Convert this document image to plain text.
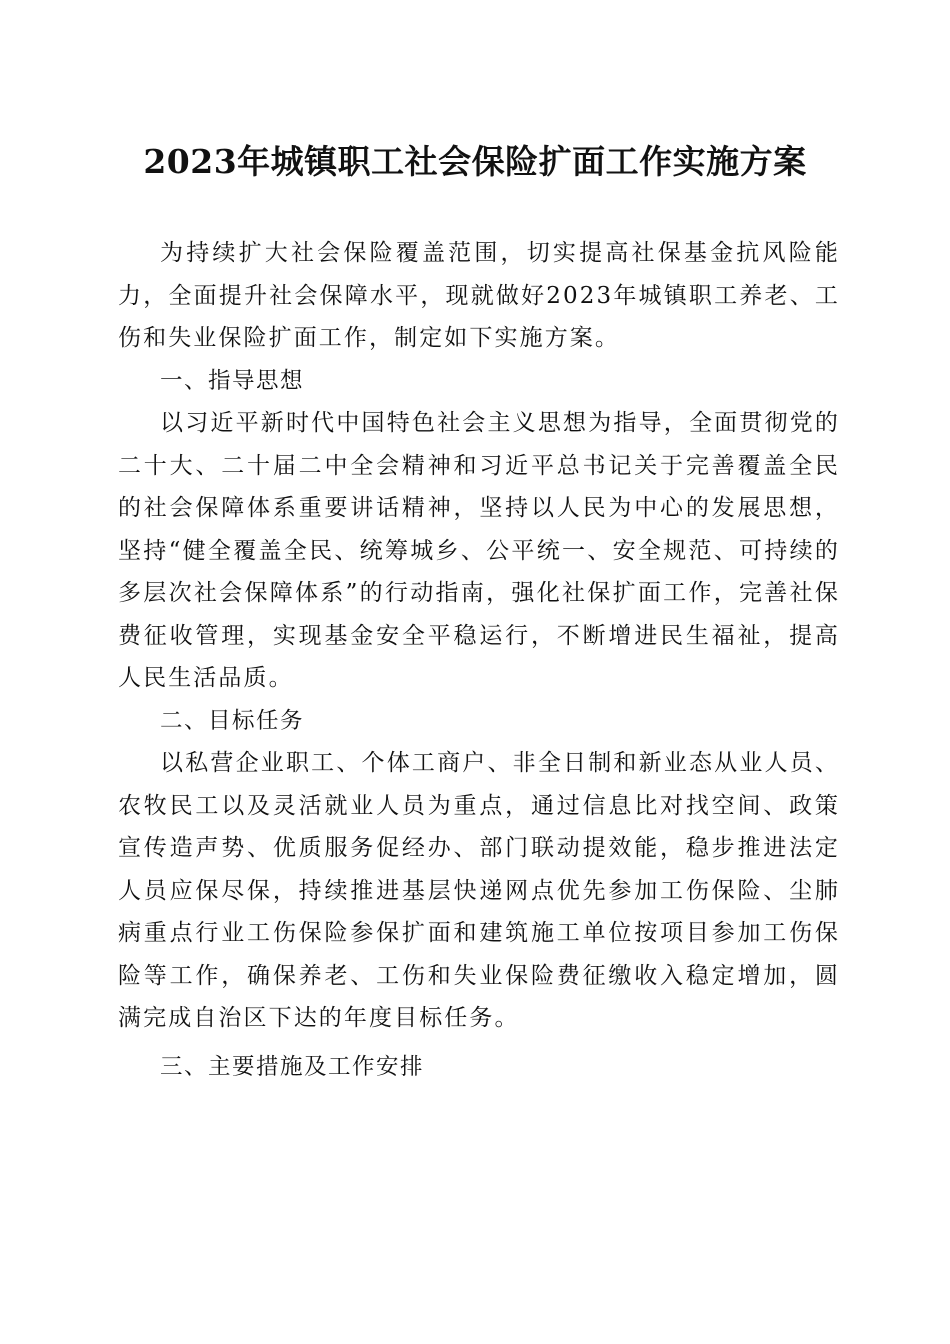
2023年城镇职工社会保险扩面工作实施方案

为持续扩大社会保险覆盖范围，切实提高社保基金抗风险能力，全面提升社会保障水平，现就做好2023年城镇职工养老、工伤和失业保险扩面工作，制定如下实施方案。

一、指导思想

以习近平新时代中国特色社会主义思想为指导，全面贯彻党的二十大、二十届二中全会精神和习近平总书记关于完善覆盖全民的社会保障体系重要讲话精神，坚持以人民为中心的发展思想，坚持“健全覆盖全民、统筹城乡、公平统一、安全规范、可持续的多层次社会保障体系”的行动指南，强化社保扩面工作，完善社保费征收管理，实现基金安全平稳运行，不断增进民生福祉，提高人民生活品质。

二、目标任务

以私营企业职工、个体工商户、非全日制和新业态从业人员、农牧民工以及灵活就业人员为重点，通过信息比对找空间、政策宣传造声势、优质服务促经办、部门联动提效能，稳步推进法定人员应保尽保，持续推进基层快递网点优先参加工伤保险、尘肺病重点行业工伤保险参保扩面和建筑施工单位按项目参加工伤保险等工作，确保养老、工伤和失业保险费征缴收入稳定增加，圆满完成自治区下达的年度目标任务。

三、主要措施及工作安排
